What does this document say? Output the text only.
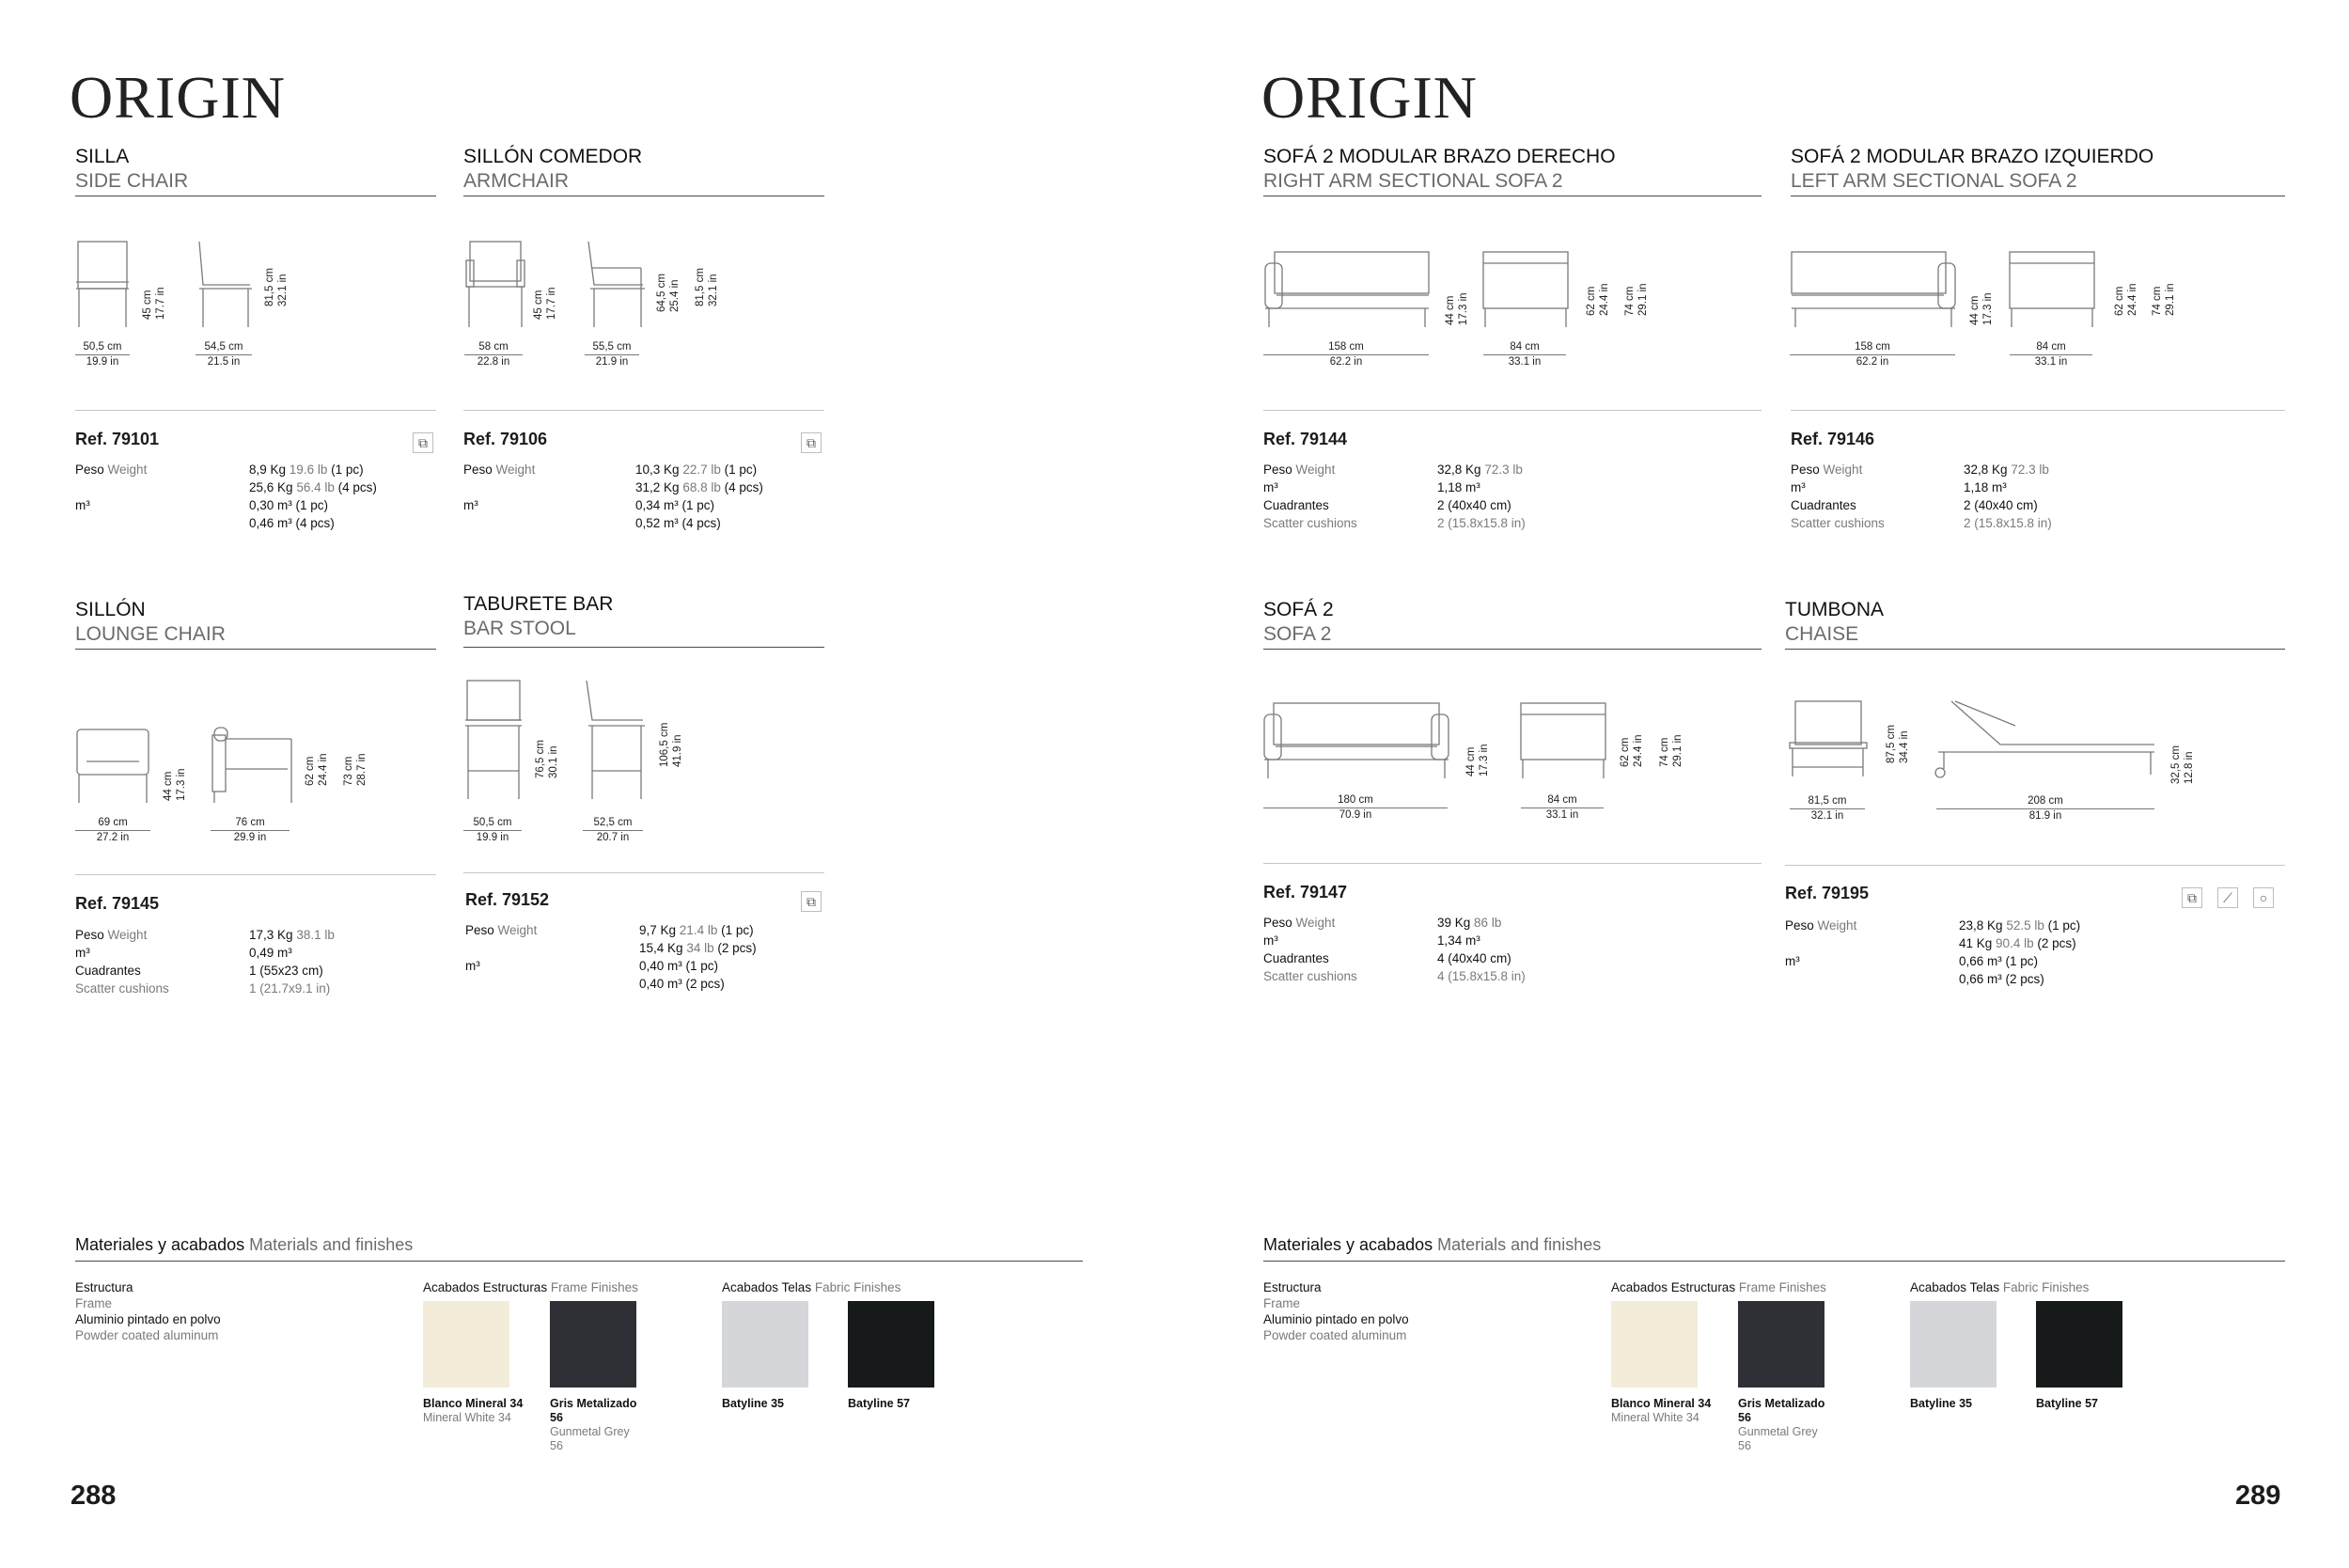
ORIGIN	ORIGIN
SILLA
SIDE CHAIR
45 cm 17.7 in	81,5 cm 32.1 in
50,5 cm
19.9 in
54,5 cm
21.5 in
Ref. 79101	⧉
Peso Weight	8,9 Kg 19.6 lb (1 pc)
25,6 Kg 56.4 lb (4 pcs)
m³	0,30 m³ (1 pc)
0,46 m³ (4 pcs)
SILLÓN COMEDOR
ARMCHAIR
45 cm 17.7 in	64,5 cm 25.4 in 81,5 cm 32.1 in
58 cm
22.8 in
55,5 cm
21.9 in
Ref. 79106	⧉
Peso Weight	10,3 Kg 22.7 lb (1 pc)
31,2 Kg 68.8 lb (4 pcs)
m³	0,34 m³ (1 pc)
0,52 m³ (4 pcs)
SILLÓN
LOUNGE CHAIR
44 cm 17.3 in	62 cm 24.4 in 73 cm 28.7 in
69 cm
27.2 in
76 cm
29.9 in
Ref. 79145
Peso Weight	17,3 Kg 38.1 lb
m³	0,49 m³
Cuadrantes	1 (55x23 cm)
Scatter cushions	1 (21.7x9.1 in)
TABURETE BAR
BAR STOOL
76,5 cm 30.1 in	106,5 cm 41.9 in
50,5 cm
19.9 in
52,5 cm
20.7 in
Ref. 79152	⧉
Peso Weight	9,7 Kg 21.4 lb (1 pc)
15,4 Kg 34 lb (2 pcs)
m³	0,40 m³ (1 pc)
0,40 m³ (2 pcs)
SOFÁ 2 MODULAR BRAZO DERECHO
RIGHT ARM SECTIONAL SOFA 2
44 cm 17.3 in	62 cm 24.4 in 74 cm 29.1 in
158 cm
62.2 in
84 cm
33.1 in
Ref. 79144
Peso Weight	32,8 Kg 72.3 lb
m³	1,18 m³
Cuadrantes	2 (40x40 cm)
Scatter cushions	2 (15.8x15.8 in)
SOFÁ 2 MODULAR BRAZO IZQUIERDO
LEFT ARM SECTIONAL SOFA 2
44 cm 17.3 in	62 cm 24.4 in 74 cm 29.1 in
158 cm
62.2 in
84 cm
33.1 in
Ref. 79146
Peso Weight	32,8 Kg 72.3 lb
m³	1,18 m³
Cuadrantes	2 (40x40 cm)
Scatter cushions	2 (15.8x15.8 in)
SOFÁ 2
SOFA 2
44 cm 17.3 in	62 cm 24.4 in 74 cm 29.1 in
180 cm
70.9 in
84 cm
33.1 in
Ref. 79147
Peso Weight	39 Kg 86 lb
m³	1,34 m³
Cuadrantes	4 (40x40 cm)
Scatter cushions	4 (15.8x15.8 in)
TUMBONA
CHAISE
87,5 cm 34.4 in	32,5 cm 12.8 in
81,5 cm
32.1 in
208 cm
81.9 in
Ref. 79195	⧉	⟋	○
Peso Weight	23,8 Kg 52.5 lb (1 pc)
41 Kg 90.4 lb (2 pcs)
m³	0,66 m³ (1 pc)
0,66 m³ (2 pcs)
Materiales y acabados Materials and finishes
Estructura
Frame
Aluminio pintado en polvo
Powder coated aluminum
Acabados Estructuras Frame Finishes	Acabados Telas Fabric Finishes
Blanco Mineral 34
Mineral White 34
Gris Metalizado 56
Gunmetal Grey 56
Batyline 35	Batyline 57
Materiales y acabados Materials and finishes
Estructura
Frame
Aluminio pintado en polvo
Powder coated aluminum
Acabados Estructuras Frame Finishes	Acabados Telas Fabric Finishes
Blanco Mineral 34
Mineral White 34
Gris Metalizado 56
Gunmetal Grey 56
Batyline 35	Batyline 57
288	289
